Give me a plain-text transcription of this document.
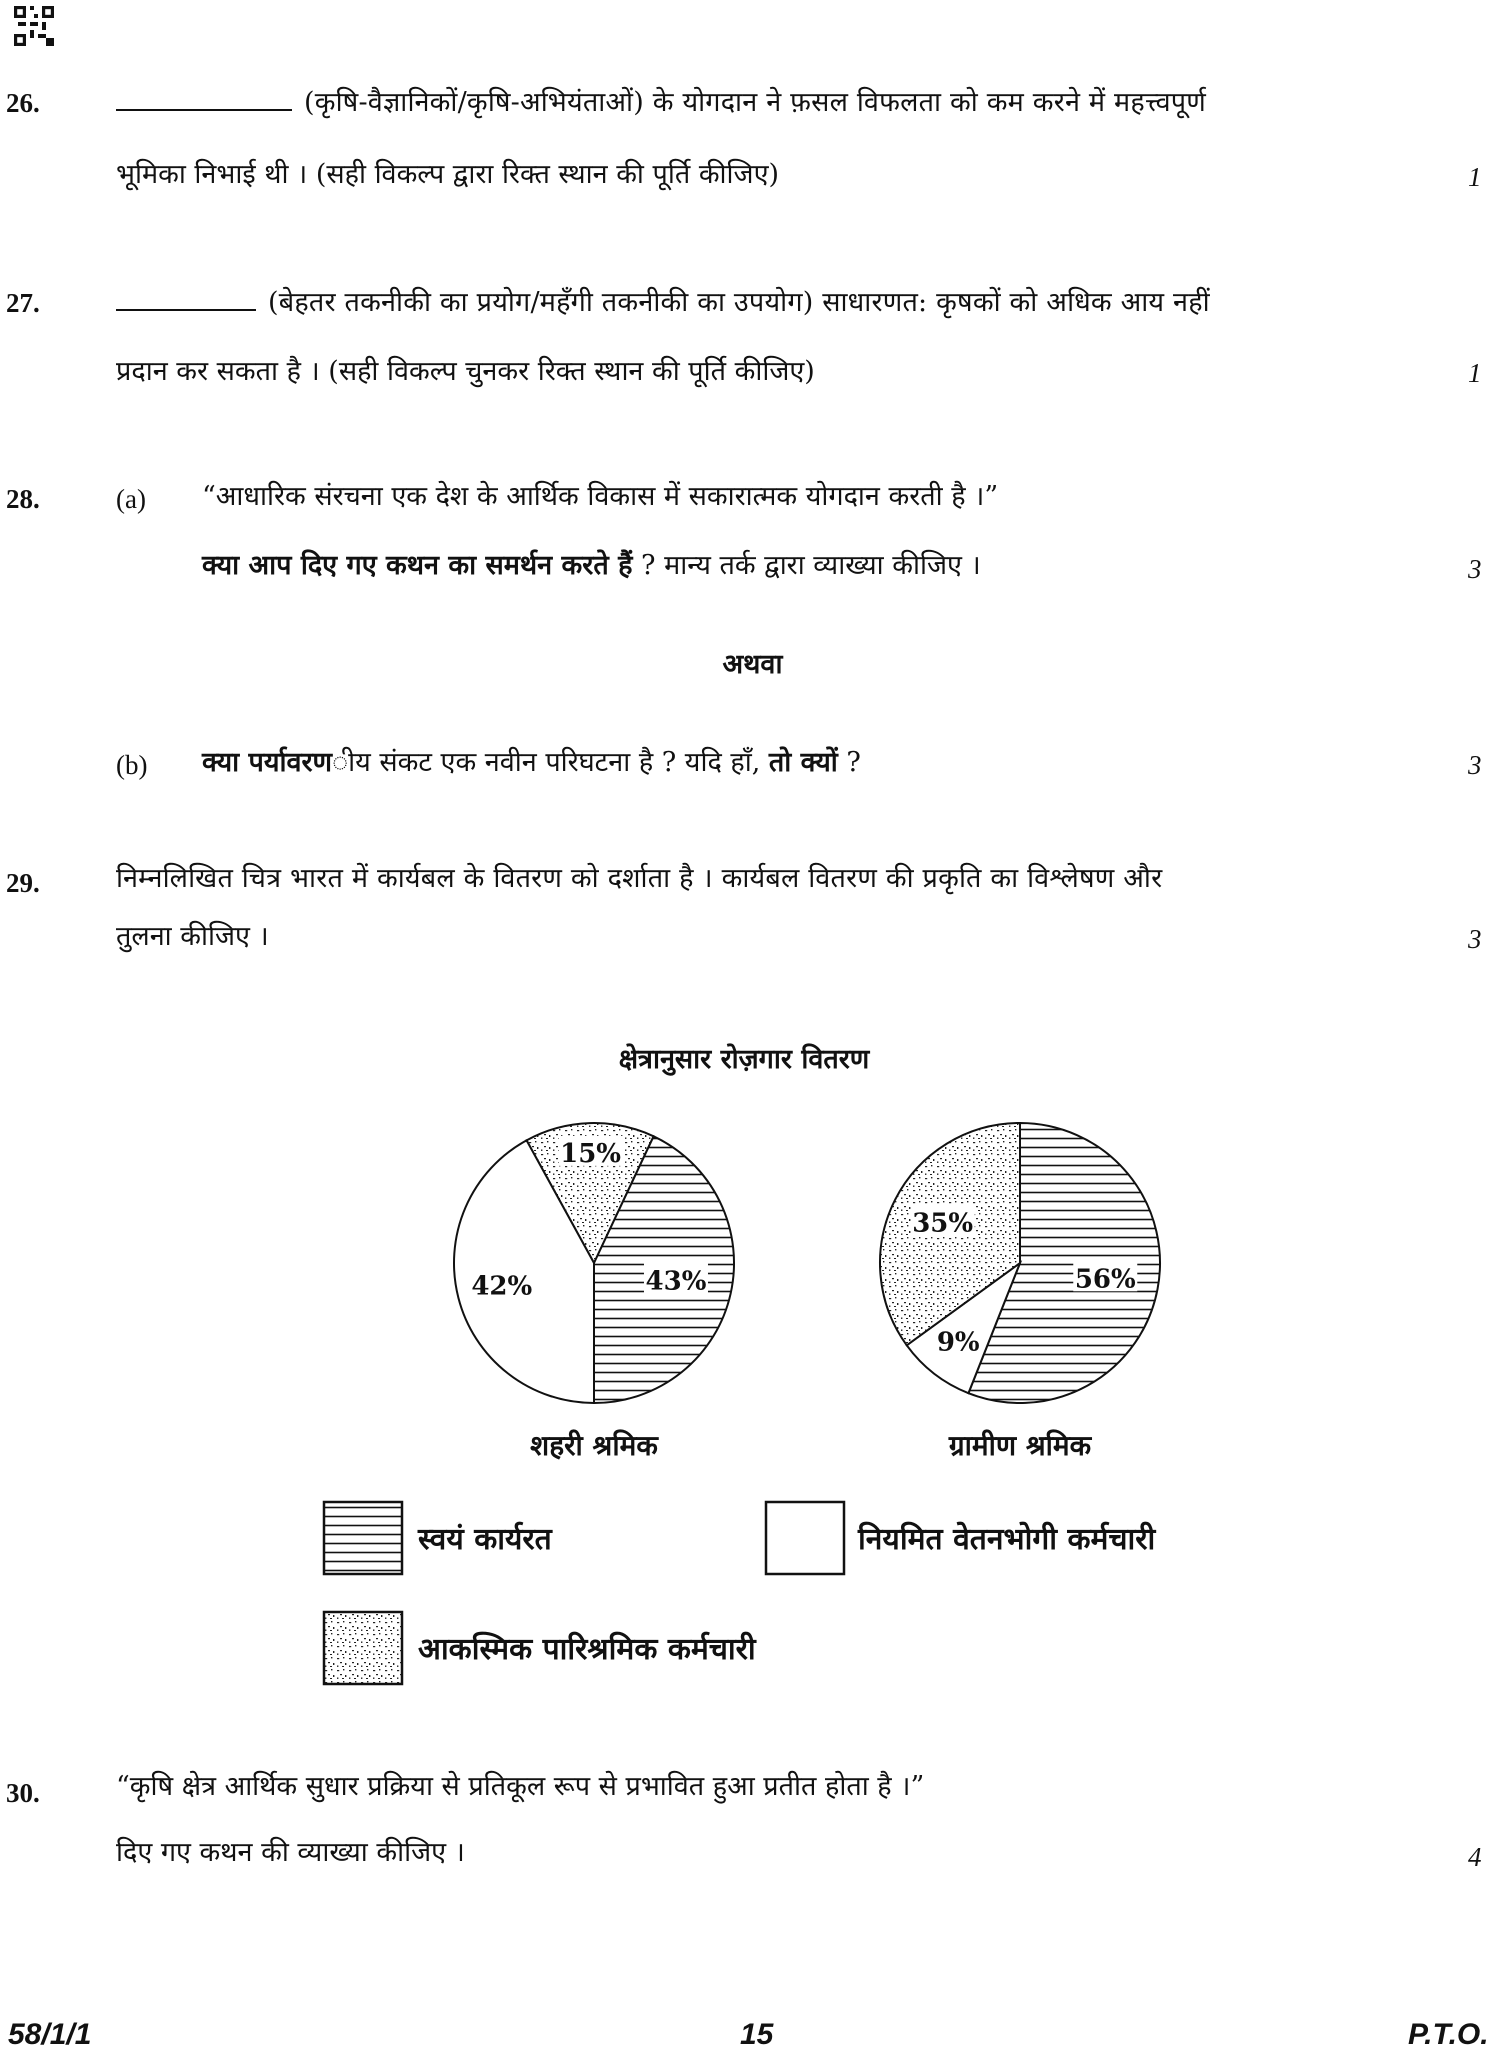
26.	(कृषि-वैज्ञानिकों/कृषि-अभियंताओं) के योगदान ने फ़सल विफलता को कम करने में महत्त्वपूर्ण
भूमिका निभाई थी । (सही विकल्प द्वारा रिक्त स्थान की पूर्ति कीजिए)	1
27.	(बेहतर तकनीकी का प्रयोग/महँगी तकनीकी का उपयोग) साधारणत: कृषकों को अधिक आय नहीं
प्रदान कर सकता है । (सही विकल्प चुनकर रिक्त स्थान की पूर्ति कीजिए)	1
28.	(a) “आधारिक संरचना एक देश के आर्थिक विकास में सकारात्मक योगदान करती है ।”
क्या आप दिए गए कथन का समर्थन करते हैं ? मान्य तर्क द्वारा व्याख्या कीजिए ।	3
अथवा
(b) क्या पर्यावरणीय संकट एक नवीन परिघटना है ? यदि हाँ, तो क्यों ?	3
29.	निम्नलिखित चित्र भारत में कार्यबल के वितरण को दर्शाता है । कार्यबल वितरण की प्रकृति का विश्लेषण और
तुलना कीजिए ।	3
क्षेत्रानुसार रोज़गार वितरण
15%
43%
42%
शहरी श्रमिक
56%
9%
35%
ग्रामीण श्रमिक
स्वयं कार्यरत	नियमित वेतनभोगी कर्मचारी
आकस्मिक पारिश्रमिक कर्मचारी
30.	“कृषि क्षेत्र आर्थिक सुधार प्रक्रिया से प्रतिकूल रूप से प्रभावित हुआ प्रतीत होता है ।”
दिए गए कथन की व्याख्या कीजिए ।	4
58/1/1	15	P.T.O.
